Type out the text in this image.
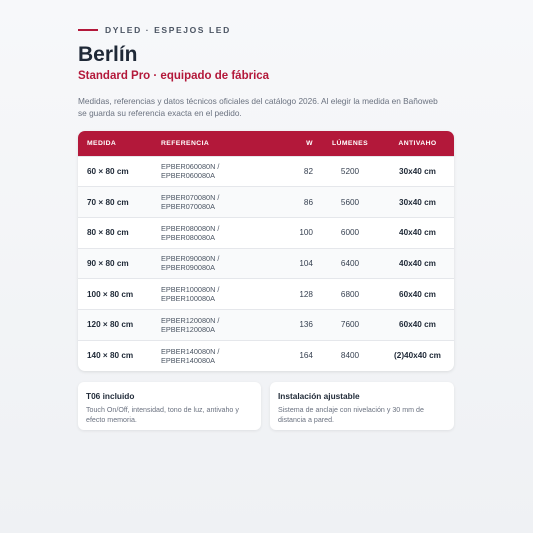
DYLED · ESPEJOS LED
Berlín
Standard Pro · equipado de fábrica
Medidas, referencias y datos técnicos oficiales del catálogo 2026. Al elegir la medida en Bañoweb se guarda su referencia exacta en el pedido.
MEDIDA	REFERENCIA	W	LÚMENES	ANTIVAHO
60 × 80 cm	EPBER060080N /
EPBER060080A	82	5200	30x40 cm
70 × 80 cm	EPBER070080N /
EPBER070080A	86	5600	30x40 cm
80 × 80 cm	EPBER080080N /
EPBER080080A	100	6000	40x40 cm
90 × 80 cm	EPBER090080N /
EPBER090080A	104	6400	40x40 cm
100 × 80 cm	EPBER100080N /
EPBER100080A	128	6800	60x40 cm
120 × 80 cm	EPBER120080N /
EPBER120080A	136	7600	60x40 cm
140 × 80 cm	EPBER140080N /
EPBER140080A	164	8400	(2)40x40 cm
T06 incluido

Touch On/Off, intensidad, tono de luz, antivaho y efecto memoria.

Instalación ajustable

Sistema de anclaje con nivelación y 30 mm de distancia a pared.
